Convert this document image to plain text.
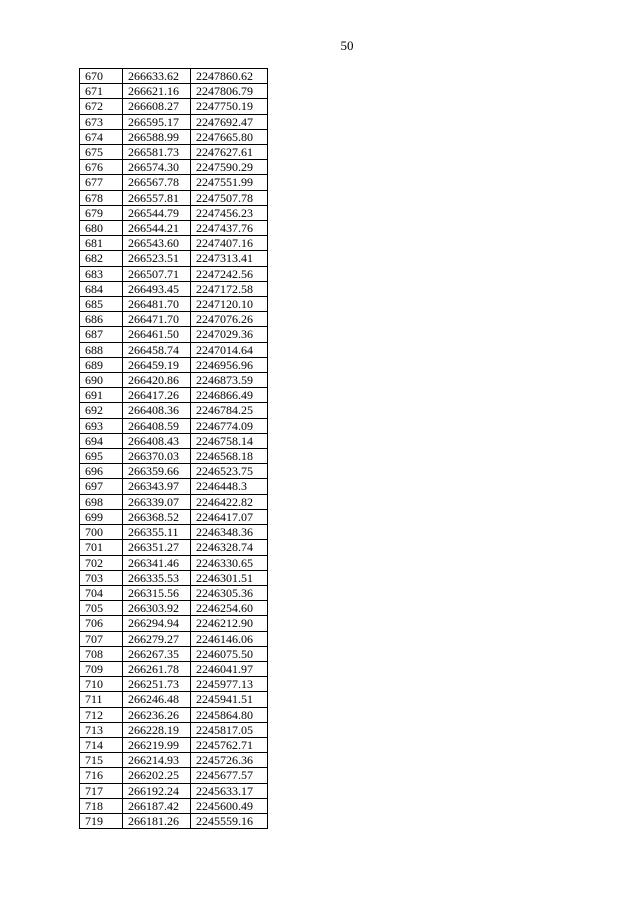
50
670	266633.62	2247860.62
671	266621.16	2247806.79
672	266608.27	2247750.19
673	266595.17	2247692.47
674	266588.99	2247665.80
675	266581.73	2247627.61
676	266574.30	2247590.29
677	266567.78	2247551.99
678	266557.81	2247507.78
679	266544.79	2247456.23
680	266544.21	2247437.76
681	266543.60	2247407.16
682	266523.51	2247313.41
683	266507.71	2247242.56
684	266493.45	2247172.58
685	266481.70	2247120.10
686	266471.70	2247076.26
687	266461.50	2247029.36
688	266458.74	2247014.64
689	266459.19	2246956.96
690	266420.86	2246873.59
691	266417.26	2246866.49
692	266408.36	2246784.25
693	266408.59	2246774.09
694	266408.43	2246758.14
695	266370.03	2246568.18
696	266359.66	2246523.75
697	266343.97	2246448.3
698	266339.07	2246422.82
699	266368.52	2246417.07
700	266355.11	2246348.36
701	266351.27	2246328.74
702	266341.46	2246330.65
703	266335.53	2246301.51
704	266315.56	2246305.36
705	266303.92	2246254.60
706	266294.94	2246212.90
707	266279.27	2246146.06
708	266267.35	2246075.50
709	266261.78	2246041.97
710	266251.73	2245977.13
711	266246.48	2245941.51
712	266236.26	2245864.80
713	266228.19	2245817.05
714	266219.99	2245762.71
715	266214.93	2245726.36
716	266202.25	2245677.57
717	266192.24	2245633.17
718	266187.42	2245600.49
719	266181.26	2245559.16
